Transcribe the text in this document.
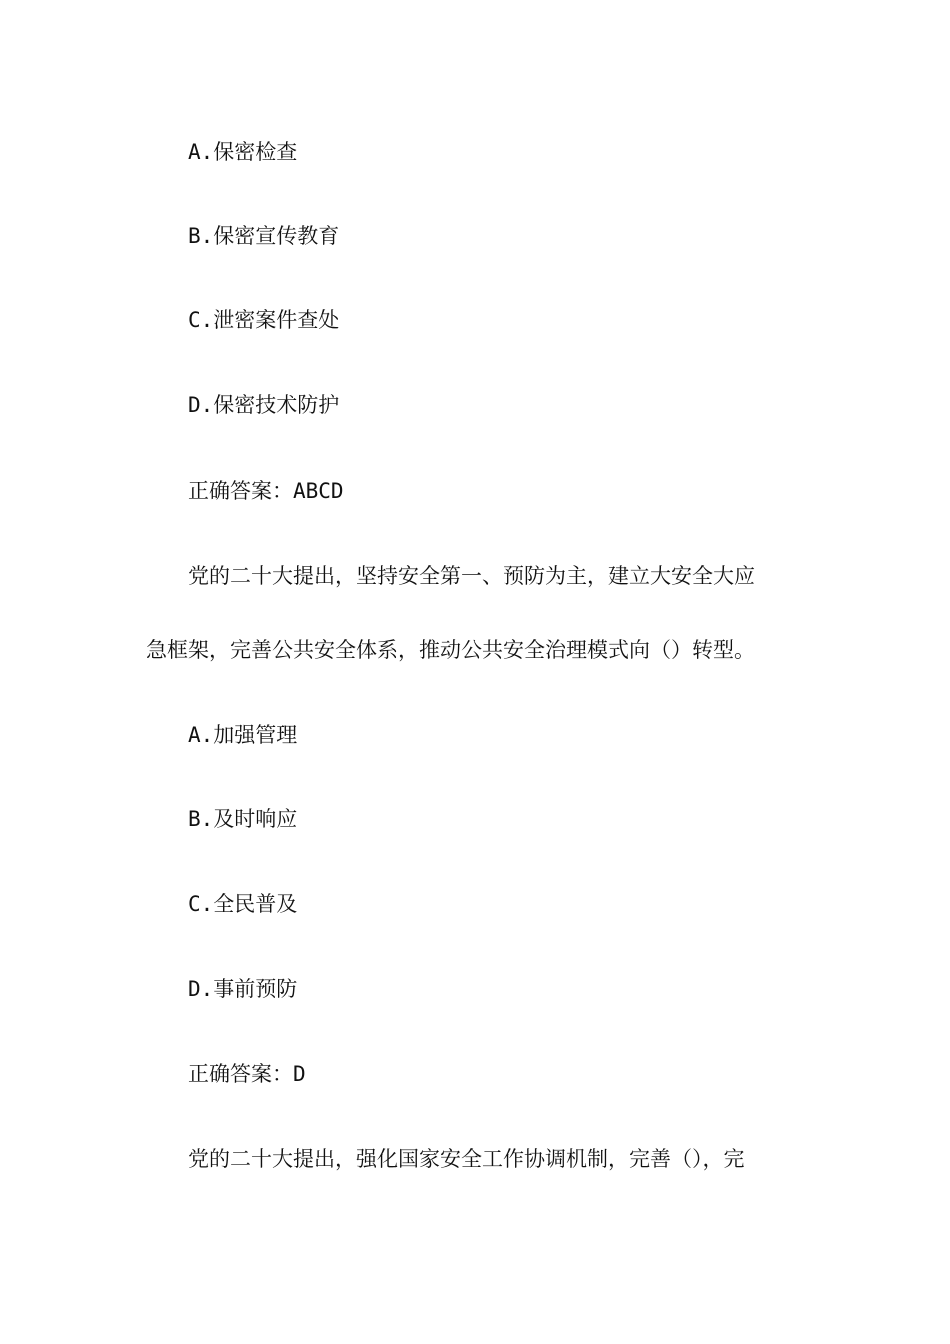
A.保密检查
B.保密宣传教育
C.泄密案件查处
D.保密技术防护
正确答案：ABCD
党的二十大提出，坚持安全第一、预防为主，建立大安全大应
急框架，完善公共安全体系，推动公共安全治理模式向（）转型。
A.加强管理
B.及时响应
C.全民普及
D.事前预防
正确答案：D
党的二十大提出，强化国家安全工作协调机制，完善（），完
